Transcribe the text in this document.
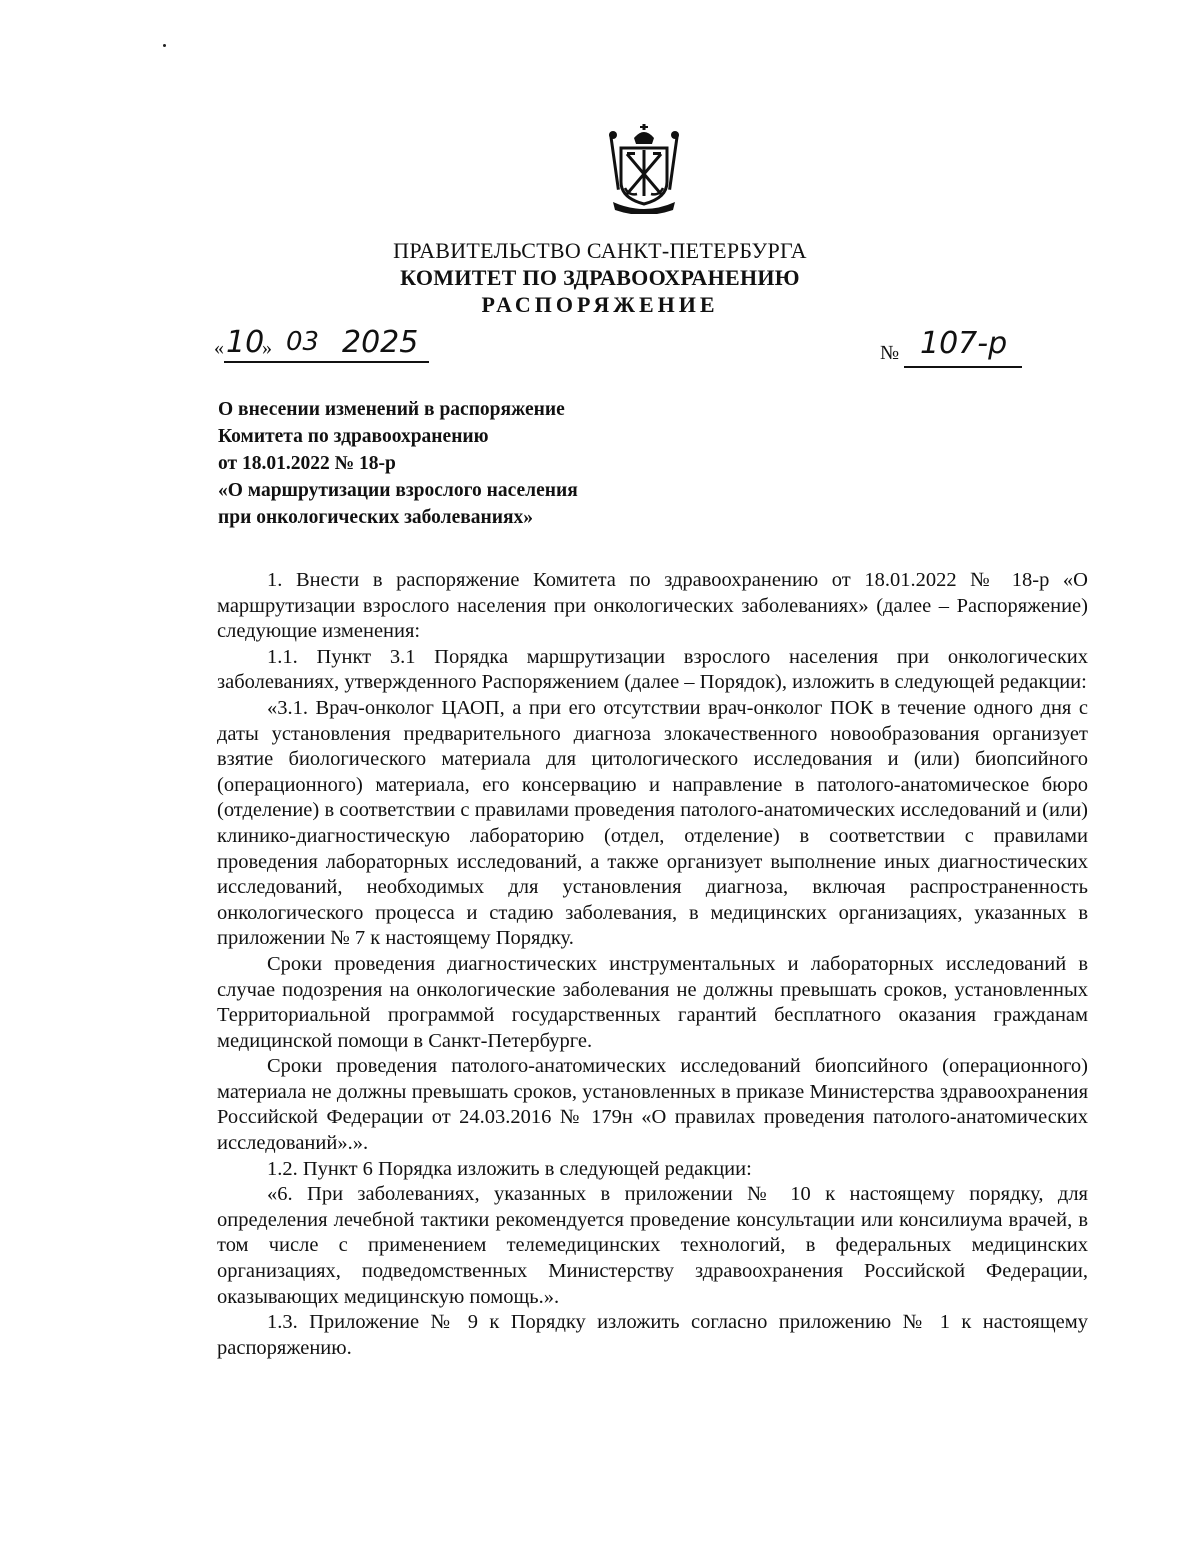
ПРАВИТЕЛЬСТВО САНКТ-ПЕТЕРБУРГА
КОМИТЕТ ПО ЗДРАВООХРАНЕНИЮ
РАСПОРЯЖЕНИЕ
« 10
» 03 2025	№ 107-р
О внесении изменений в распоряжение
Комитета по здравоохранению
от 18.01.2022 № 18-р
«О маршрутизации взрослого населения
при онкологических заболеваниях»

1. Внести в распоряжение Комитета по здравоохранению от 18.01.2022 № 18-р «О маршрутизации взрослого населения при онкологических заболеваниях» (далее – Распоряжение) следующие изменения:

1.1. Пункт 3.1 Порядка маршрутизации взрослого населения при онкологических заболеваниях, утвержденного Распоряжением (далее – Порядок), изложить в следующей редакции:

«3.1. Врач-онколог ЦАОП, а при его отсутствии врач-онколог ПОК в течение одного дня с даты установления предварительного диагноза злокачественного новообразования организует взятие биологического материала для цитологического исследования и (или) биопсийного (операционного) материала, его консервацию и направление в патолого-анатомическое бюро (отделение) в соответствии с правилами проведения патолого-анатомических исследований и (или) клинико-диагностическую лабораторию (отдел, отделение) в соответствии с правилами проведения лабораторных исследований, а также организует выполнение иных диагностических исследований, необходимых для установления диагноза, включая распространенность онкологического процесса и стадию заболевания, в медицинских организациях, указанных в приложении № 7 к настоящему Порядку.

Сроки проведения диагностических инструментальных и лабораторных исследований в случае подозрения на онкологические заболевания не должны превышать сроков, установленных Территориальной программой государственных гарантий бесплатного оказания гражданам медицинской помощи в Санкт-Петербурге.

Сроки проведения патолого-анатомических исследований биопсийного (операционного) материала не должны превышать сроков, установленных в приказе Министерства здравоохранения Российской Федерации от 24.03.2016 № 179н «О правилах проведения патолого-анатомических исследований».».

1.2. Пункт 6 Порядка изложить в следующей редакции:

«6. При заболеваниях, указанных в приложении № 10 к настоящему порядку, для определения лечебной тактики рекомендуется проведение консультации или консилиума врачей, в том числе с применением телемедицинских технологий, в федеральных медицинских организациях, подведомственных Министерству здравоохранения Российской Федерации, оказывающих медицинскую помощь.».

1.3. Приложение № 9 к Порядку изложить согласно приложению № 1 к настоящему распоряжению.
